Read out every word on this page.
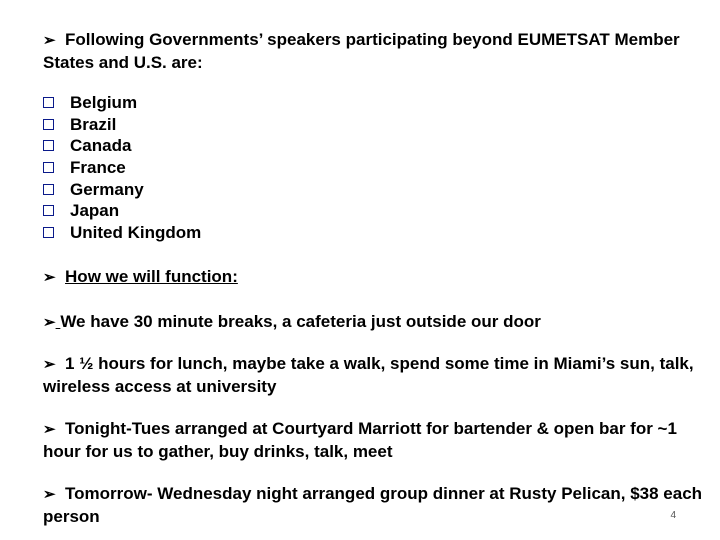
➢ Following Governments’ speakers participating beyond EUMETSAT Member States and U.S. are:
Belgium
Brazil
Canada
France
Germany
Japan
United Kingdom
➢ How we will function:
➢ We have 30 minute breaks, a cafeteria just outside our door
➢ 1 ½ hours for lunch, maybe take a walk, spend some time in Miami’s sun, talk, wireless access at university
➢ Tonight-Tues arranged at Courtyard Marriott for bartender & open bar for ~1 hour for us to gather, buy drinks, talk, meet
➢ Tomorrow- Wednesday night arranged group dinner at Rusty Pelican, $38 each person	4
